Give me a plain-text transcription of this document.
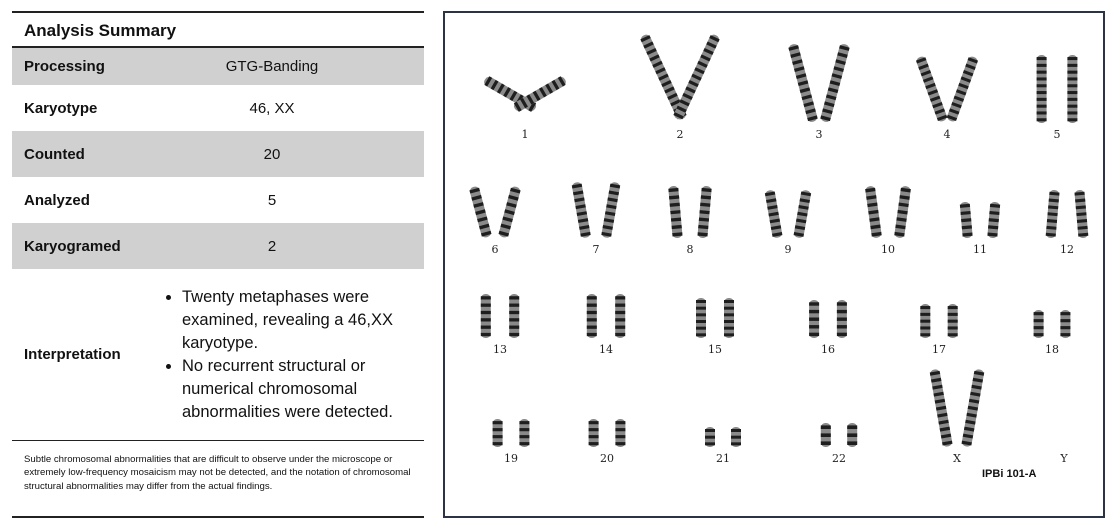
Analysis Summary
Processing	GTG-Banding
Karyotype	46, XX
Counted	20
Analyzed	5
Karyogramed	2
Interpretation
• Twenty metaphases were examined, revealing a 46,XX karyotype.
• No recurrent structural or numerical chromosomal abnormalities were detected.
Subtle chromosomal abnormalities that are difficult to observe under the microscope or extremely low-frequency mosaicism may not be detected, and the notation of chromosomal structural abnormalities may differ from the actual findings.
1	2	3	4	5
6	7	8	9	10	11	12
13	14	15	16	17	18
19	20	21	22	X	Y
IPBi 101-A
